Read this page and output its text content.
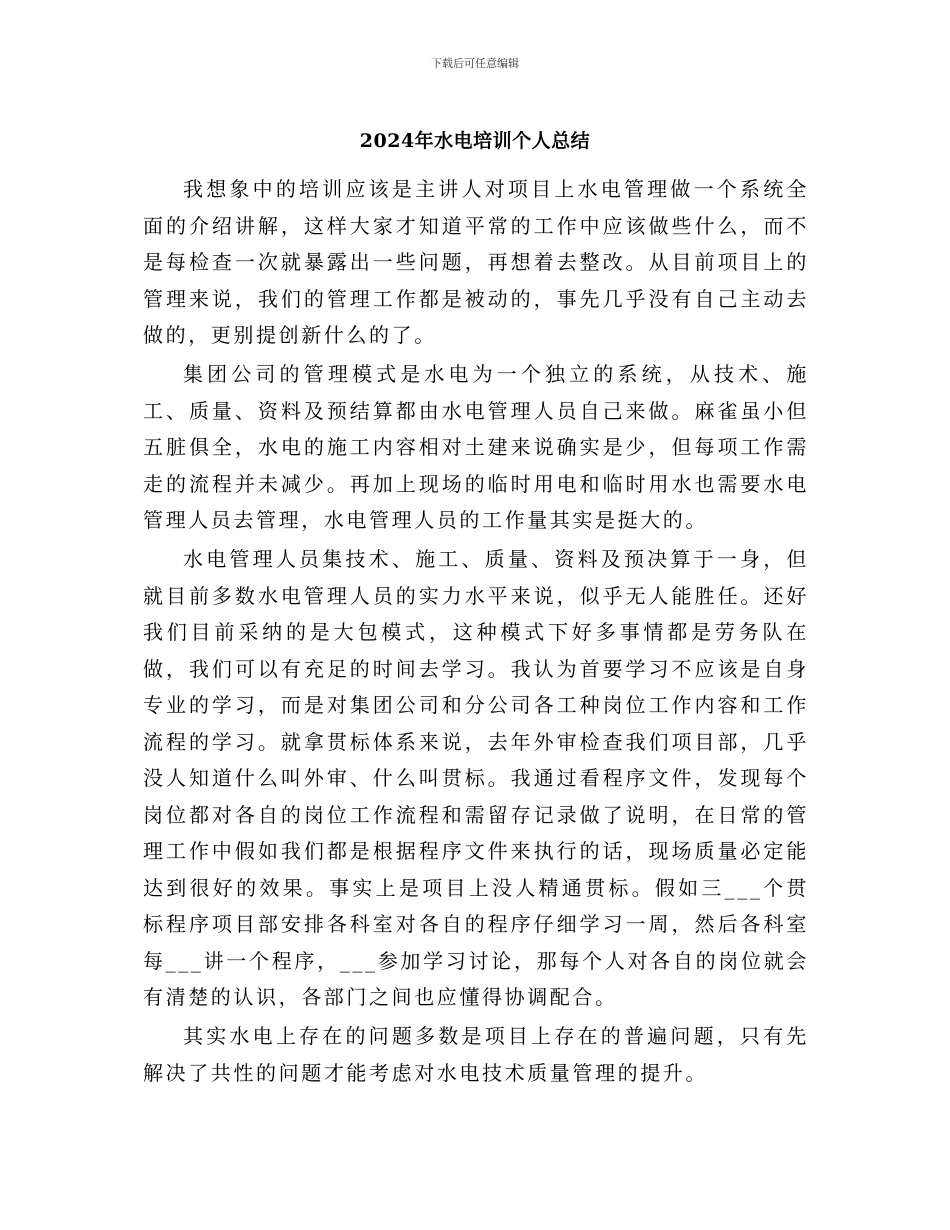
下载后可任意编辑
2024年水电培训个人总结

我想象中的培训应该是主讲人对项目上水电管理做一个系统全面的介绍讲解，这样大家才知道平常的工作中应该做些什么，而不是每检查一次就暴露出一些问题，再想着去整改。从目前项目上的管理来说，我们的管理工作都是被动的，事先几乎没有自己主动去做的，更别提创新什么的了。

集团公司的管理模式是水电为一个独立的系统，从技术、施工、质量、资料及预结算都由水电管理人员自己来做。麻雀虽小但五脏俱全，水电的施工内容相对土建来说确实是少，但每项工作需走的流程并未减少。再加上现场的临时用电和临时用水也需要水电管理人员去管理，水电管理人员的工作量其实是挺大的。

水电管理人员集技术、施工、质量、资料及预决算于一身，但就目前多数水电管理人员的实力水平来说，似乎无人能胜任。还好我们目前采纳的是大包模式，这种模式下好多事情都是劳务队在做，我们可以有充足的时间去学习。我认为首要学习不应该是自身专业的学习，而是对集团公司和分公司各工种岗位工作内容和工作流程的学习。就拿贯标体系来说，去年外审检查我们项目部，几乎没人知道什么叫外审、什么叫贯标。我通过看程序文件，发现每个岗位都对各自的岗位工作流程和需留存记录做了说明，在日常的管理工作中假如我们都是根据程序文件来执行的话，现场质量必定能达到很好的效果。事实上是项目上没人精通贯标。假如三___个贯标程序项目部安排各科室对各自的程序仔细学习一周，然后各科室每___讲一个程序，___参加学习讨论，那每个人对各自的岗位就会有清楚的认识，各部门之间也应懂得协调配合。

其实水电上存在的问题多数是项目上存在的普遍问题，只有先解决了共性的问题才能考虑对水电技术质量管理的提升。
